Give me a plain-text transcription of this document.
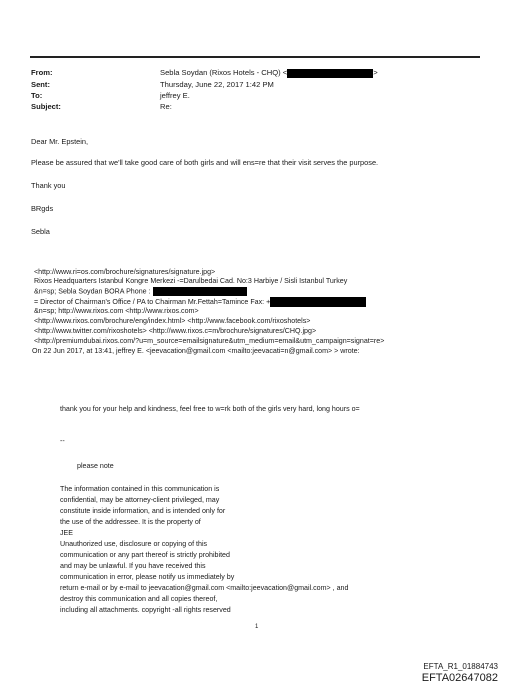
From:
Sent:
To:
Subject:
Sebla Soydan (Rixos Hotels - CHQ) <	>
Thursday, June 22, 2017 1:42 PM
jeffrey E.
Re:
Dear Mr. Epstein,
Please be assured that we'll take good care of both girls and will ens=re that their visit serves the purpose.
Thank you
BRgds
Sebla
<http://www.ri=os.com/brochure/signatures/signature.jpg>
Rixos Headquarters Istanbul Kongre Merkezi -=Darulbedai Cad. No:3 Harbiye / Sisli Istanbul Turkey
&n=sp; Sebla Soydan BORA Phone :
= Director of Chairman's Office / PA to Chairman Mr.Fettah=Tamince Fax: +
&n=sp; http://www.rixos.com <http://www.rixos.com>
<http://www.rixos.com/brochure/eng/index.html> <http://www.facebook.com/rixoshotels>
<http://www.twitter.com/rixoshotels> <http://www.rixos.c=m/brochure/signatures/CHQ.jpg>
<http://premiumdubai.rixos.com/?u=m_source=emailsignature&utm_medium=email&utm_campaign=signat=re>
On 22 Jun 2017, at 13:41, jeffrey E. <jeevacation@gmail.com <mailto:jeevacati=n@gmail.com> > wrote:
thank you for your help and kindness, feel free to w=rk both of the girls very hard, long hours o=
--
please note
The information contained in this communication is
confidential, may be attorney-client privileged, may
constitute inside information, and is intended only for
the use of the addressee. It is the property of
JEE
Unauthorized use, disclosure or copying of this
communication or any part thereof is strictly prohibited
and may be unlawful. If you have received this
communication in error, please notify us immediately by
return e-mail or by e-mail to jeevacation@gmail.com <mailto:jeevacation@gmail.com> , and
destroy this communication and all copies thereof,
including all attachments. copyright -all rights reserved
1
EFTA_R1_01884743
EFTA02647082
